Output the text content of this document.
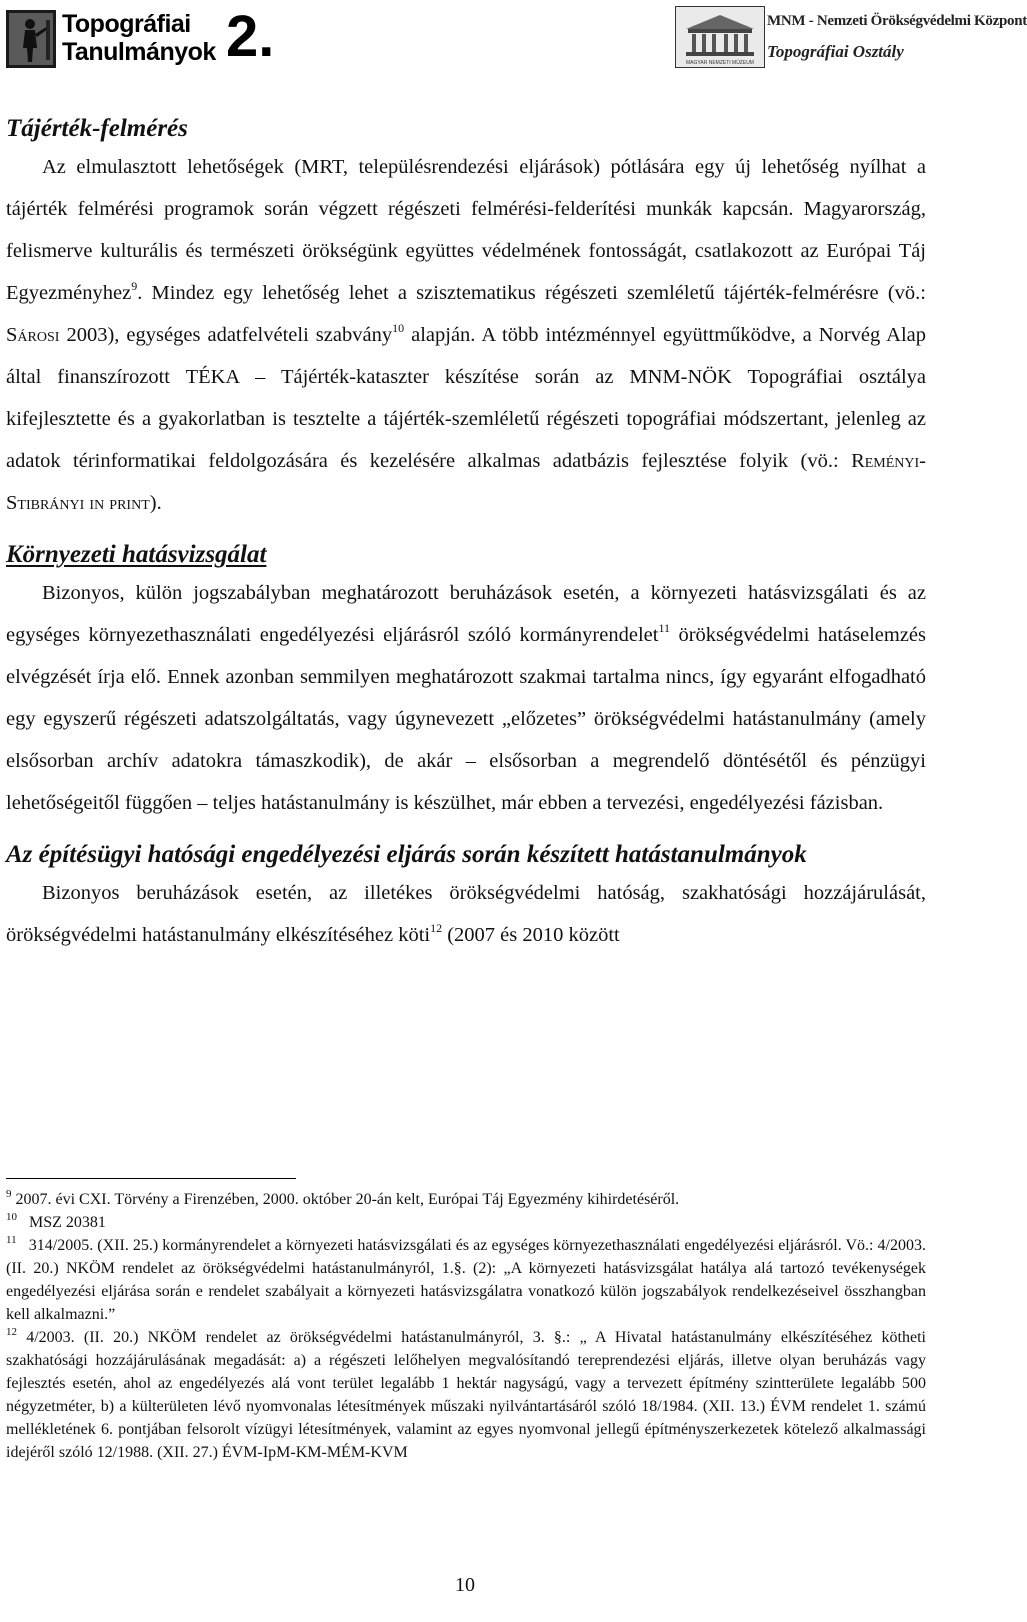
Topográfiai
Tanulmányok 2.	MAGYAR NEMZETI MÚZEUM
MNM - Nemzeti Örökségvédelmi Központ
Topográfiai Osztály
Tájérték-felmérés

Az elmulasztott lehetőségek (MRT, településrendezési eljárások) pótlására egy új lehetőség nyílhat a tájérték felmérési programok során végzett régészeti felmérési-felderítési munkák kapcsán. Magyarország, felismerve kulturális és természeti örökségünk együttes védelmének fontosságát, csatlakozott az Európai Táj Egyezményhez$^9$. Mindez egy lehetőség lehet a szisztematikus régészeti szemléletű tájérték-felmérésre (vö.: Sárosi 2003), egységes adatfelvételi szabvány$^{10}$ alapján. A több intézménnyel együttműködve, a Norvég Alap által finanszírozott TÉKA – Tájérték-kataszter készítése során az MNM-NÖK Topográfiai osztálya kifejlesztette és a gyakorlatban is tesztelte a tájérték-szemléletű régészeti topográfiai módszertant, jelenleg az adatok térinformatikai feldolgozására és kezelésére alkalmas adatbázis fejlesztése folyik (vö.: Reményi-Stibrányi in print).

Környezeti hatásvizsgálat

Bizonyos, külön jogszabályban meghatározott beruházások esetén, a környezeti hatásvizsgálati és az egységes környezethasználati engedélyezési eljárásról szóló kormányrendelet$^{11}$ örökségvédelmi hatáselemzés elvégzését írja elő. Ennek azonban semmilyen meghatározott szakmai tartalma nincs, így egyaránt elfogadható egy egyszerű régészeti adatszolgáltatás, vagy úgynevezett „előzetes” örökségvédelmi hatástanulmány (amely elsősorban archív adatokra támaszkodik), de akár – elsősorban a megrendelő döntésétől és pénzügyi lehetőségeitől függően – teljes hatástanulmány is készülhet, már ebben a tervezési, engedélyezési fázisban.

Az építésügyi hatósági engedélyezési eljárás során készített hatástanulmányok

Bizonyos beruházások esetén, az illetékes örökségvédelmi hatóság, szakhatósági hozzájárulását, örökségvédelmi hatástanulmány elkészítéséhez köti$^{12}$ (2007 és 2010 között

$^9$ 2007. évi CXI. Törvény a Firenzében, 2000. október 20-án kelt, Európai Táj Egyezmény kihirdetéséről.

$^{10}$ MSZ 20381

$^{11}$ 314/2005. (XII. 25.) kormányrendelet a környezeti hatásvizsgálati és az egységes környezethasználati engedélyezési eljárásról. Vö.: 4/2003. (II. 20.) NKÖM rendelet az örökségvédelmi hatástanulmányról, 1.§. (2): „A környezeti hatásvizsgálat hatálya alá tartozó tevékenységek engedélyezési eljárása során e rendelet szabályait a környezeti hatásvizsgálatra vonatkozó külön jogszabályok rendelkezéseivel összhangban kell alkalmazni.”

$^{12}$ 4/2003. (II. 20.) NKÖM rendelet az örökségvédelmi hatástanulmányról, 3. §.: „ A Hivatal hatástanulmány elkészítéséhez kötheti szakhatósági hozzájárulásának megadását: a) a régészeti lelőhelyen megvalósítandó tereprendezési eljárás, illetve olyan beruházás vagy fejlesztés esetén, ahol az engedélyezés alá vont terület legalább 1 hektár nagyságú, vagy a tervezett építmény szintterülete legalább 500 négyzetméter, b) a külterületen lévő nyomvonalas létesítmények műszaki nyilvántartásáról szóló 18/1984. (XII. 13.) ÉVM rendelet 1. számú mellékletének 6. pontjában felsorolt vízügyi létesítmények, valamint az egyes nyomvonal jellegű építményszerkezetek kötelező alkalmassági idejéről szóló 12/1988. (XII. 27.) ÉVM-IpM-KM-MÉM-KVM

10
